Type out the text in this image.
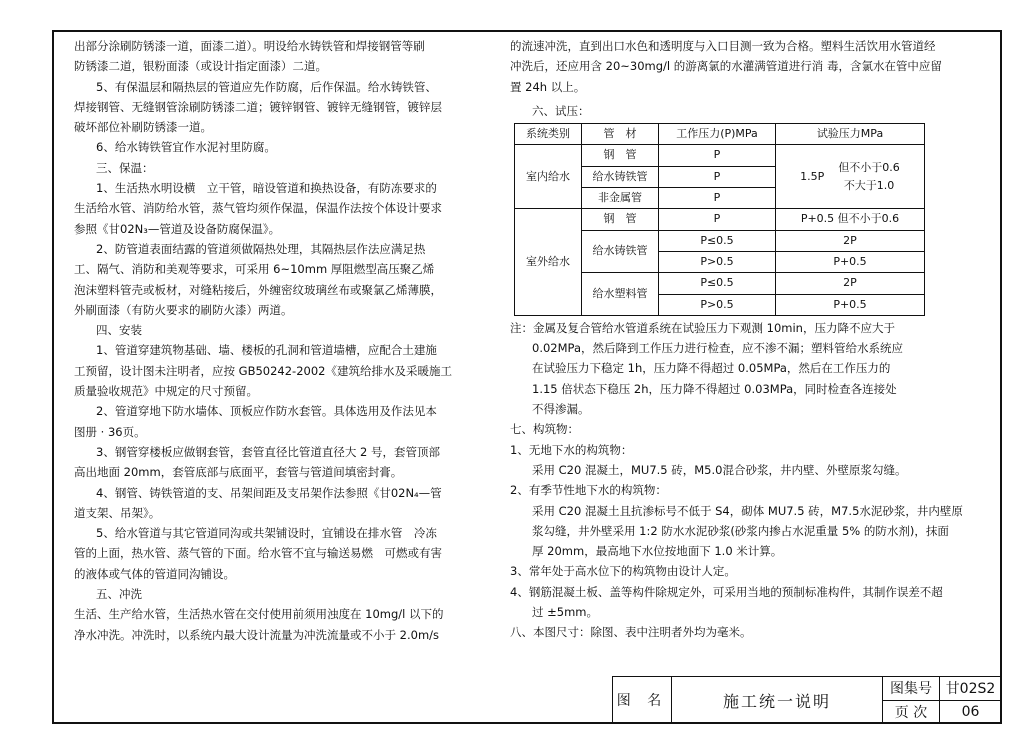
出部分涂刷防锈漆一道，面漆二道）。明设给水铸铁管和焊接钢管等刷

防锈漆二道，银粉面漆（或设计指定面漆）二道。

5、有保温层和隔热层的管道应先作防腐，后作保温。给水铸铁管、

焊接钢管、无缝钢管涂刷防锈漆二道；镀锌钢管、镀锌无缝钢管，镀锌层

破坏部位补刷防锈漆一道。

6、给水铸铁管宜作水泥衬里防腐。

三、保温：

1、生活热水明设横　立干管，暗设管道和换热设备，有防冻要求的

生活给水管、消防给水管，蒸气管均须作保温，保温作法按个体设计要求

参照《甘02N₃—管道及设备防腐保温》。

2、防管道表面结露的管道须做隔热处理，其隔热层作法应满足热

工、隔气、消防和美观等要求，可采用 6~10mm 厚阻燃型高压聚乙烯

泡沫塑料管壳或板材，对缝粘接后，外缠密纹玻璃丝布或聚氯乙烯薄膜，

外刷面漆（有防火要求的刷防火漆）两道。

四、安装

1、管道穿建筑物基础、墙、楼板的孔洞和管道墙槽，应配合土建施

工预留，设计图未注明者，应按 GB50242-2002《建筑给排水及采暖施工

质量验收规范》中规定的尺寸预留。

2、管道穿地下防水墙体、顶板应作防水套管。具体选用及作法见本

图册 · 36页。

3、钢管穿楼板应做钢套管，套管直径比管道直径大 2 号，套管顶部

高出地面 20mm，套管底部与底面平，套管与管道间填密封膏。

4、钢管、铸铁管道的支、吊架间距及支吊架作法参照《甘02N₄—管

道支架、吊架》。

5、给水管道与其它管道同沟或共架铺设时，宜铺设在排水管　冷冻

管的上面，热水管、蒸气管的下面。给水管不宜与输送易燃　可燃或有害

的液体或气体的管道同沟铺设。

五、冲洗

生活、生产给水管，生活热水管在交付使用前须用浊度在 10mg/l 以下的

净水冲洗。冲洗时，以系统内最大设计流量为冲洗流量或不小于 2.0m/s

的流速冲洗，直到出口水色和透明度与入口目测一致为合格。塑料生活饮用水管道经

冲洗后，还应用含 20~30mg/l 的游离氯的水灌满管道进行消 毒，含氯水在管中应留

置 24h 以上。

六、试压：

系统类别	管　材	工作压力(P)MPa	试验压力MPa
室内给水	钢　管	P	1.5P
但不小于0.6
不大于1.0

	给水铸铁管	P	
	非金属管	P	
室外给水	钢　管	P	P+0.5 但不小于0.6
	给水铸铁管	P≤0.5	2P
		P>0.5	P+0.5
	给水塑料管	P≤0.5	2P
		P>0.5	P+0.5

注：金属及复合管给水管道系统在试验压力下观测 10min，压力降不应大于

0.02MPa，然后降到工作压力进行检查，应不渗不漏；塑料管给水系统应

在试验压力下稳定 1h，压力降不得超过 0.05MPa，然后在工作压力的

1.15 倍状态下稳压 2h，压力降不得超过 0.03MPa，同时检查各连接处

不得渗漏。

七、构筑物：

1、无地下水的构筑物：

采用 C20 混凝土，MU7.5 砖，M5.0混合砂浆，井内壁、外壁原浆勾缝。

2、有季节性地下水的构筑物：

采用 C20 混凝土且抗渗标号不低于 S4，砌体 MU7.5 砖，M7.5水泥砂浆，井内壁原

浆勾缝，井外壁采用 1:2 防水水泥砂浆(砂浆内掺占水泥重量 5% 的防水剂)，抹面

厚 20mm，最高地下水位按地面下 1.0 米计算。

3、常年处于高水位下的构筑物由设计人定。

4、钢筋混凝土板、盖等构件除规定外，可采用当地的预制标准构件，其制作误差不超

过 ±5mm。

八、本图尺寸：除图、表中注明者外均为毫米。

图 名	施工统一说明	图集号	甘02S2
		页 次	06
